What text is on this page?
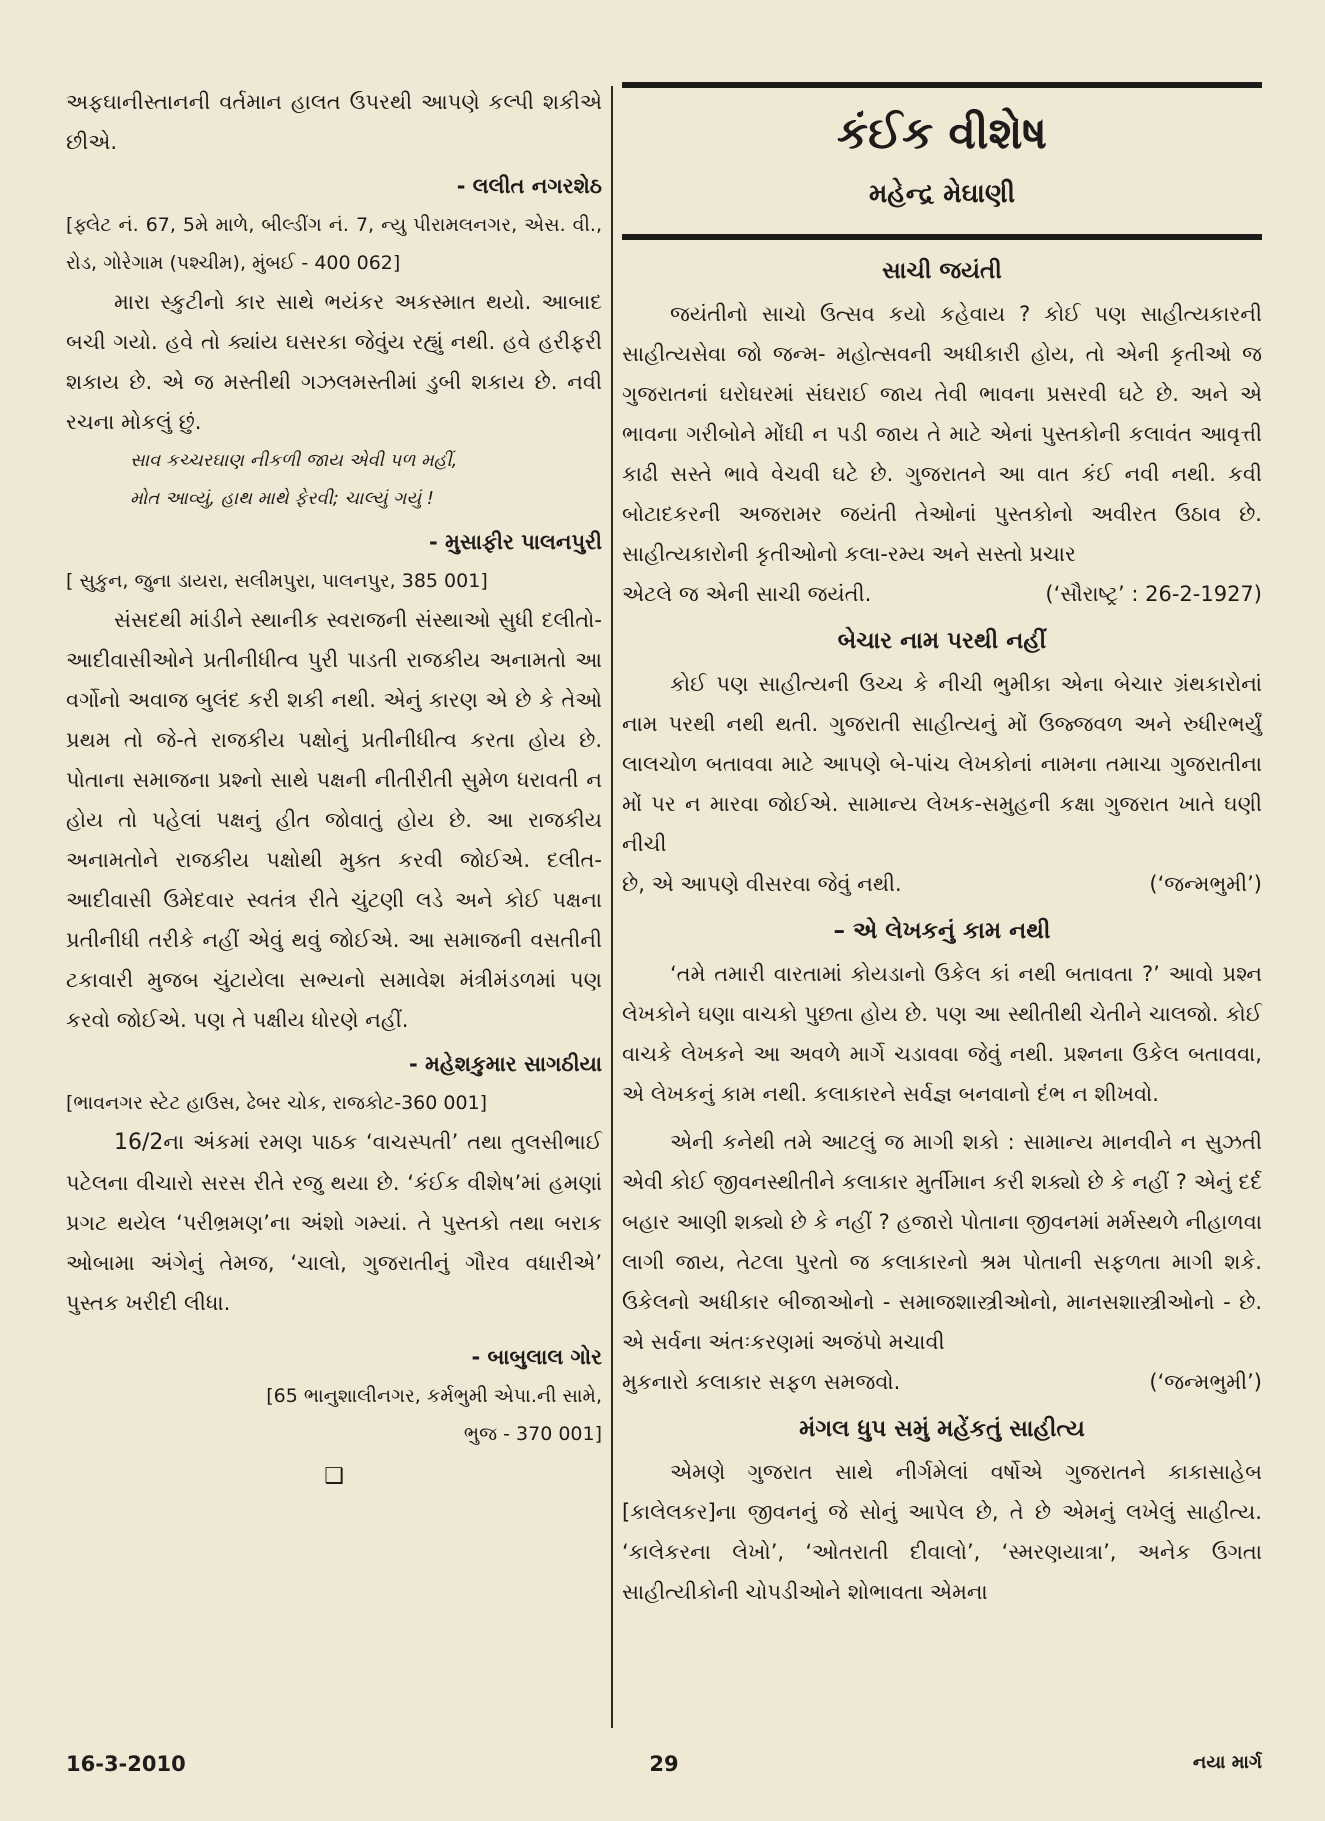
અફઘાનીસ્તાનની વર્તમાન હાલત ઉપરથી આપણે કલ્પી શકીએ છીએ.

- લલીત નગરશેઠ

[ફ્લેટ નં. 67, 5મે માળે, બીલ્ડીંગ નં. 7, ન્યુ પીરામલનગર, એસ. વી., રોડ, ગોરેગામ (પશ્ચીમ), મુંબઈ - 400 062]

મારા સ્કુટીનો કાર સાથે ભયંકર અકસ્માત થયો. આબાદ બચી ગયો. હવે તો ક્યાંય ઘસરકા જેવુંય રહ્યું નથી. હવે હરીફરી શકાય છે. એ જ મસ્તીથી ગઝલમસ્તીમાં ડુબી શકાય છે. નવી રચના મોકલું છું.

સાવ કચ્ચરઘાણ નીકળી જાય એવી પળ મહીં,
મોત આવ્યું, હાથ માથે ફેરવી; ચાલ્યું ગયું !
- મુસાફીર પાલનપુરી

[ સુકુન, જુના ડાયરા, સલીમપુરા, પાલનપુર, 385 001]

સંસદથી માંડીને સ્થાનીક સ્વરાજની સંસ્થાઓ સુધી દલીતો-આદીવાસીઓને પ્રતીનીધીત્વ પુરી પાડતી રાજકીય અનામતો આ વર્ગોનો અવાજ બુલંદ કરી શકી નથી. એનું કારણ એ છે કે તેઓ પ્રથમ તો જે-તે રાજકીય પક્ષોનું પ્રતીનીધીત્વ કરતા હોય છે. પોતાના સમાજના પ્રશ્નો સાથે પક્ષની નીતીરીતી સુમેળ ધરાવતી ન હોય તો પહેલાં પક્ષનું હીત જોવાતું હોય છે. આ રાજકીય અનામતોને રાજકીય પક્ષોથી મુક્ત કરવી જોઈએ. દલીત-આદીવાસી ઉમેદવાર સ્વતંત્ર રીતે ચુંટણી લડે અને કોઈ પક્ષના પ્રતીનીધી તરીકે નહીં એવું થવું જોઈએ. આ સમાજની વસતીની ટકાવારી મુજબ ચુંટાયેલા સભ્યનો સમાવેશ મંત્રીમંડળમાં પણ કરવો જોઈએ. પણ તે પક્ષીય ધોરણે નહીં.

- મહેશકુમાર સાગઠીયા

[ભાવનગર સ્ટેટ હાઉસ, ઢેબર ચોક, રાજકોટ-360 001]

16/2ના અંકમાં રમણ પાઠક ‘વાચસ્પતી’ તથા તુલસીભાઈ પટેલના વીચારો સરસ રીતે રજુ થયા છે. ‘કંઈક વીશેષ’માં હમણાં પ્રગટ થયેલ ‘પરીભ્રમણ’ના અંશો ગમ્યાં. તે પુસ્તકો તથા બરાક ઓબામા અંગેનું તેમજ, ‘ચાલો, ગુજરાતીનું ગૌરવ વધારીએ’ પુસ્તક ખરીદી લીધા.

- બાબુલાલ ગોર
[65 ભાનુશાલીનગર, કર્મભુમી એપા.ની સામે,
ભુજ - 370 001]
❑
કંઈક વીશેષ
મહેન્દ્ર મેઘાણી
સાચી જયંતી

જયંતીનો સાચો ઉત્સવ કયો કહેવાય ? કોઈ પણ સાહીત્યકારની સાહીત્યસેવા જો જન્મ- મહોત્સવની અધીકારી હોય, તો એની કૃતીઓ જ ગુજરાતનાં ઘરોઘરમાં સંઘરાઈ જાય તેવી ભાવના પ્રસરવી ઘટે છે. અને એ ભાવના ગરીબોને મોંઘી ન પડી જાય તે માટે એનાં પુસ્તકોની કલાવંત આવૃત્તી કાઢી સસ્તે ભાવે વેચવી ઘટે છે. ગુજરાતને આ વાત કંઈ નવી નથી. કવી બોટાદકરની અજરામર જયંતી તેઓનાં પુસ્તકોનો અવીરત ઉઠાવ છે. સાહીત્યકારોની કૃતીઓનો કલા-રમ્ય અને સસ્તો પ્રચાર

એટલે જ એની સાચી જયંતી.	(‘સૌરાષ્ટ્ર’ : 26-2-1927)

બેચાર નામ પરથી નહીં

કોઈ પણ સાહીત્યની ઉચ્ચ કે નીચી ભુમીકા એના બેચાર ગ્રંથકારોનાં નામ પરથી નથી થતી. ગુજરાતી સાહીત્યનું મોં ઉજ્જવળ અને રુધીરભર્યું લાલચોળ બતાવવા માટે આપણે બે-પાંચ લેખકોનાં નામના તમાચા ગુજરાતીના મોં પર ન મારવા જોઈએ. સામાન્ય લેખક-સમુહની કક્ષા ગુજરાત ખાતે ઘણી નીચી

છે, એ આપણે વીસરવા જેવું નથી.	(‘જન્મભુમી’)

– એ લેખકનું કામ નથી

‘તમે તમારી વારતામાં કોયડાનો ઉકેલ કાં નથી બતાવતા ?’ આવો પ્રશ્ન લેખકોને ઘણા વાચકો પુછતા હોય છે. પણ આ સ્થીતીથી ચેતીને ચાલજો. કોઈ વાચકે લેખકને આ અવળે માર્ગે ચડાવવા જેવું નથી. પ્રશ્નના ઉકેલ બતાવવા, એ લેખકનું કામ નથી. કલાકારને સર્વજ્ઞ બનવાનો દંભ ન શીખવો.

એની કનેથી તમે આટલું જ માગી શકો : સામાન્ય માનવીને ન સુઝતી એવી કોઈ જીવનસ્થીતીને કલાકાર મુર્તીમાન કરી શક્યો છે કે નહીં ? એનું દર્દ બહાર આણી શક્યો છે કે નહીં ? હજારો પોતાના જીવનમાં મર્મસ્થળે નીહાળવા લાગી જાય, તેટલા પુરતો જ કલાકારનો શ્રમ પોતાની સફળતા માગી શકે. ઉકેલનો અધીકાર બીજાઓનો - સમાજશાસ્ત્રીઓનો, માનસશાસ્ત્રીઓનો - છે. એ સર્વના અંતઃકરણમાં અજંપો મચાવી

મુકનારો કલાકાર સફળ સમજવો.	(‘જન્મભુમી’)

મંગલ ધુપ સમું મહેંકતું સાહીત્ય

એમણે ગુજરાત સાથે નીર્ગમેલાં વર્ષોએ ગુજરાતને કાકાસાહેબ [કાલેલકર]ના જીવનનું જે સોનું આપેલ છે, તે છે એમનું લખેલું સાહીત્ય. ‘કાલેકરના લેખો’, ‘ઓતરાતી દીવાલો’, ‘સ્મરણયાત્રા’, અનેક ઉગતા સાહીત્યીકોની ચોપડીઓને શોભાવતા એમના

16-3-2010	29	નયા માર્ગ
